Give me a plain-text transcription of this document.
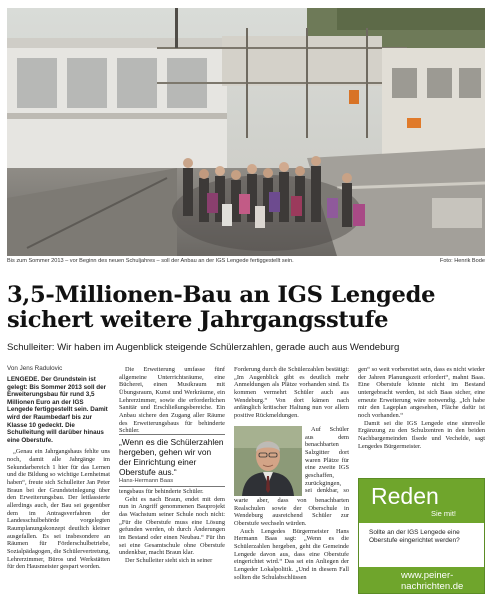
Bis zum Sommer 2013 – vor Beginn des neuen Schuljahres – soll der Anbau an der IGS Lengede fertiggestellt sein.	Foto: Henrik Bode
3,5-Millionen-Bau an IGS Lengede
sichert weitere Jahrgangsstufe
Schulleiter: Wir haben im Augenblick steigende Schülerzahlen, gerade auch aus Wendeburg
Von Jens Radulovic

LENGEDE. Der Grundstein ist gelegt: Bis Sommer 2013 soll der Erweiterungsbau für rund 3,5 Millionen Euro an der IGS Lengede fertiggestellt sein. Damit wird der Raumbedarf bis zur Klasse 10 gedeckt. Die Schulleitung will darüber hinaus eine Oberstufe.

„Genau ein Jahrgangshaus fehlte uns noch, damit alle Jahrgänge im Sekundarbereich 1 hier für das Lernen und die Bildung so wichtige Lernheimat haben“, freute sich Schulleiter Jan Peter Braun bei der Grundsteinlegung über den Erweiterungsbau. Der lettlassierte allerdings auch, der Bau sei gegenüber dem im Antragsverfahren der Landesschulbehörde vorgelegten Raumplanungskonzept deutlich kleiner ausgefallen. Es sei insbesondere an Räumen für Förderschulbetriebe, Sozialpädagogen, die Schülervertretung, Lehrerzimmer, Büros und Werkstätten für den Hausmeister gespart worden.

Die Erweiterung umfasse fünf allgemeine Unterrichtsräume, eine Bücherei, einen Musikraum mit Übungsraum, Kunst und Werkräume, ein Lehrerzimmer, sowie die erforderlichen Sanitär und Erschließungsbereiche. Ein Anbau sichere den Zugang aller Räume des Erweiterungsbaus für behinderte Schüler.

„Wenn es die Schülerzahlen hergeben, gehen wir von der Einrichtung einer Oberstufe aus.“
Hans-Hermann Baas

tengsbaus für behinderte Schüler.

Geht es nach Braun, endet mit dem nun in Angriff genommenen Bauprojekt das Wachstum seiner Schule noch nicht: „Für die Oberstufe muss eine Lösung gefunden werden, ob durch Änderungen im Bestand oder einen Neubau.“ Für ihn sei eine Gesamtschule ohne Oberstufe undenkbar, macht Braun klar.

Der Schulleiter sieht sich in seiner

Forderung durch die Schülerzahlen bestätigt: „Im Augenblick gibt es deutlich mehr Anmeldungen als Plätze vorhanden sind. Es kommen vermehrt Schüler auch aus Wendeburg.“ Von dort kämen nach anfänglich kritischer Haltung nun vor allem positive Rückmeldungen.

Auf Schüler aus dem benachbarten Salzgitter dort waren Plätze für eine zweite IGS geschaffen, zurückgingen, sei denkbar, so

warte aber, dass von benachbarten Realschulen sowie der Oberschule in Wendeburg ausreichend Schüler zur Oberstufe wechseln würden.

Auch Lengedes Bürgermeister Hans Hermann Baas sagt: „Wenn es die Schülerzahlen hergeben, geht die Gemeinde Lengede davon aus, dass eine Oberstufe eingerichtet wird.“ Das sei ein Anliegen der Lengeder Lokalpolitik. „Und in diesem Fall sollten die Schulabschlüssen

gen“ so weit vorbereitet sein, dass es nicht wieder der Jahren Planungszeit erfordert“, mahnt Baas. Eine Oberstufe könnte nicht im Bestand untergebracht werden, ist sich Baas sicher, eine erneute Erweiterung wäre notwendig. „Ich habe mir den Lageplan angesehen, Fläche dafür ist noch vorhanden.“

Damit sei die IGS Lengede eine sinnvolle Ergänzung zu den Schulzentren in den beiden Nachbargemeinden Ilsede und Vechelde, sagt Lengedes Bürgermeister.

Reden
Sie mit!
Sollte an der IGS Lengede eine Oberstufe eingerichtet werden?
www.peiner-
nachrichten.de
